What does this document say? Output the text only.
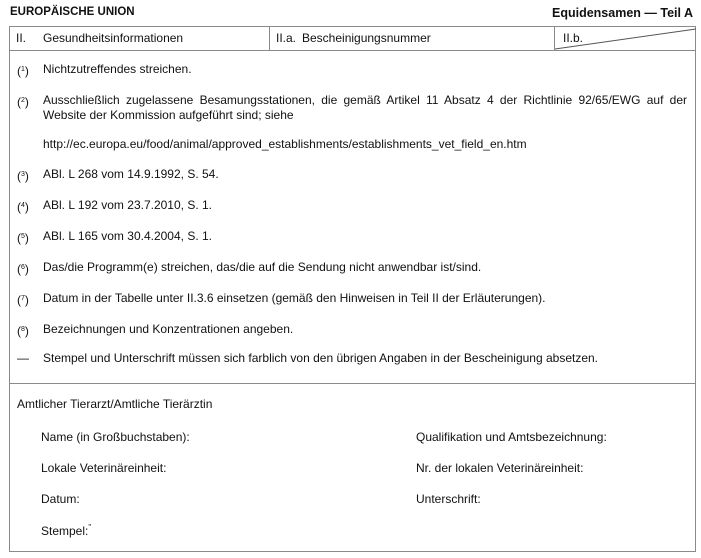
EUROPÄISCHE UNION	Equidensamen — Teil A
II. Gesundheitsinformationen	II.a. Bescheinigungsnummer	II.b.
($^1$) Nichtzutreffendes streichen.
($^2$) Ausschließlich zugelassene Besamungsstationen, die gemäß Artikel 11 Absatz 4 der Richtlinie 92/65/EWG auf der Website der Kommission aufgeführt sind; siehe
http://ec.europa.eu/food/animal/approved_establishments/establishments_vet_field_en.htm
($^3$) ABl. L 268 vom 14.9.1992, S. 54.
($^4$) ABl. L 192 vom 23.7.2010, S. 1.
($^5$) ABl. L 165 vom 30.4.2004, S. 1.
($^6$) Das/die Programm(e) streichen, das/die auf die Sendung nicht anwendbar ist/sind.
($^7$) Datum in der Tabelle unter II.3.6 einsetzen (gemäß den Hinweisen in Teil II der Erläuterungen).
($^8$) Bezeichnungen und Konzentrationen angeben.
— Stempel und Unterschrift müssen sich farblich von den übrigen Angaben in der Bescheinigung absetzen.
Amtlicher Tierarzt/Amtliche Tierärztin
Name (in Großbuchstaben):	Qualifikation und Amtsbezeichnung:
Lokale Veterinäreinheit:	Nr. der lokalen Veterinäreinheit:
Datum:	Unterschrift:
Stempel:"
